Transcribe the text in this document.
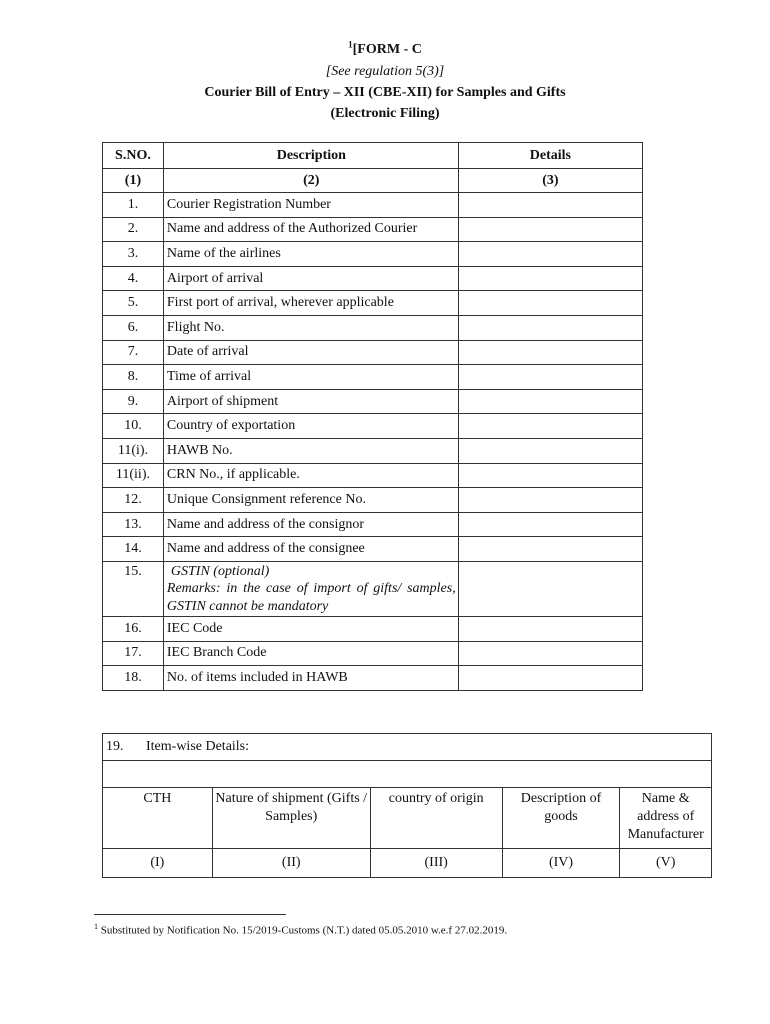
$^1$[FORM - C
[See regulation 5(3)]
Courier Bill of Entry – XII (CBE-XII) for Samples and Gifts
(Electronic Filing)
S.NO.	Description	Details
(1)	(2)	(3)
1.	Courier Registration Number	
2.	Name and address of the Authorized Courier	
3.	Name of the airlines	
4.	Airport of arrival	
5.	First port of arrival, wherever applicable	
6.	Flight No.	
7.	Date of arrival	
8.	Time of arrival	
9.	Airport of shipment	
10.	Country of exportation	
11(i).	HAWB No.	
11(ii).	CRN No., if applicable.	
12.	Unique Consignment reference No.	
13.	Name and address of the consignor	
14.	Name and address of the consignee	
15.	GSTIN (optional)
Remarks: in the case of import of gifts/ samples, GSTIN cannot be mandatory	

16.	IEC Code	
17.	IEC Branch Code	
18.	No. of items included in HAWB	
19. Item-wise Details:				

CTH	Nature of shipment (Gifts / Samples)	country of origin	Description of goods	Name & address of Manufacturer
(I)	(II)	(III)	(IV)	(V)
$^1$ Substituted by Notification No. 15/2019-Customs (N.T.) dated 05.05.2010 w.e.f 27.02.2019.
